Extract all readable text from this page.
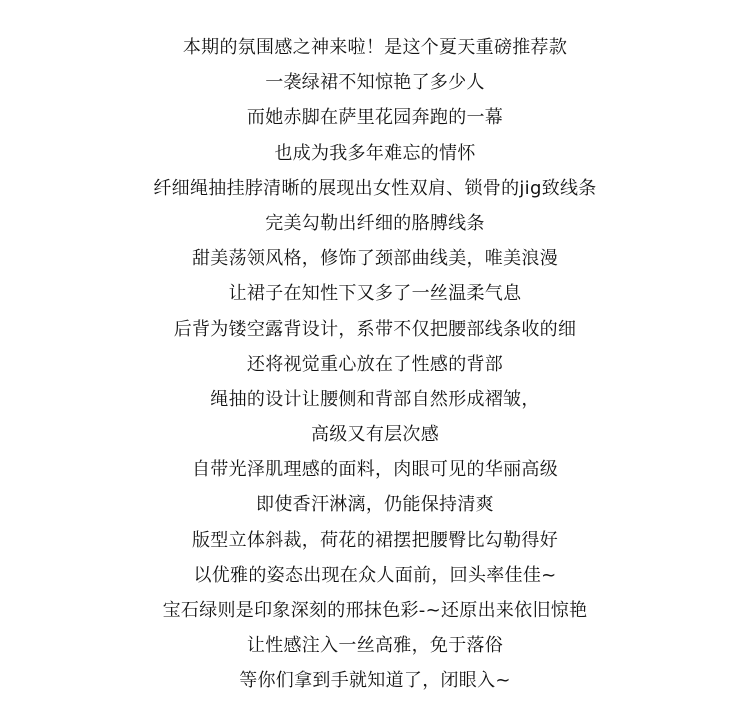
本期的氛围感之神来啦！是这个夏天重磅推荐款
一袭绿裙不知惊艳了多少人
而她赤脚在萨里花园奔跑的一幕
也成为我多年难忘的情怀
纤细绳抽挂脖清晰的展现出女性双肩、锁骨的jig致线条
完美勾勒出纤细的胳膊线条
甜美荡领风格，修饰了颈部曲线美，唯美浪漫
让裙子在知性下又多了一丝温柔气息
后背为镂空露背设计，系带不仅把腰部线条收的细
还将视觉重心放在了性感的背部
绳抽的设计让腰侧和背部自然形成褶皱，
高级又有层次感
自带光泽肌理感的面料，肉眼可见的华丽高级
即使香汗淋漓，仍能保持清爽
版型立体斜裁，荷花的裙摆把腰臀比勾勒得好
以优雅的姿态出现在众人面前，回头率佳佳~
宝石绿则是印象深刻的邢抹色彩-~还原出来依旧惊艳
让性感注入一丝高雅，免于落俗
等你们拿到手就知道了，闭眼入~
